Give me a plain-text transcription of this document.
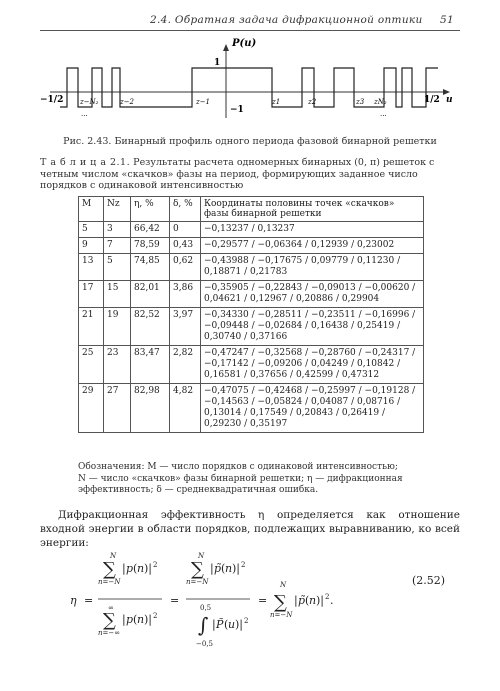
2.4. Обратная задача дифракционной оптики 51
P(u)
1
−1
−1/2	1/2 u
z−N₂
...
z−2	z−1	z1	z2	z3 zN₂
...
Рис. 2.43. Бинарный профиль одного периода фазовой бинарной решетки
Т а б л и ц а 2.1. Результаты расчета одномерных бинарных (0, π) решеток с четным числом «скачков» фазы на период, формирующих заданное число порядков с одинаковой интенсивностью
M	Nz	η, %	δ, %	Координаты половины точек «скачков» фазы бинарной решетки
5	3	66,42	0	−0,13237 / 0,13237
9	7	78,59	0,43	−0,29577 / −0,06364 / 0,12939 / 0,23002
13	5	74,85	0,62	−0,43988 / −0,17675 / 0,09779 / 0,11230 / 0,18871 / 0,21783
17	15	82,01	3,86	−0,35905 / −0,22843 / −0,09013 / −0,00620 / 0,04621 / 0,12967 / 0,20886 / 0,29904
21	19	82,52	3,97	−0,34330 / −0,28511 / −0,23511 / −0,16996 / −0,09448 / −0,02684 / 0,16438 / 0,25419 / 0,30740 / 0,37166
25	23	83,47	2,82	−0,47247 / −0,32568 / −0,28760 / −0,24317 / −0,17142 / −0,09206 / 0,04249 / 0,10842 / 0,16581 / 0,37656 / 0,42599 / 0,47312
29	27	82,98	4,82	−0,47075 / −0,42468 / −0,25997 / −0,19128 / −0,14563 / −0,05824 / 0,04087 / 0,08716 / 0,13014 / 0,17549 / 0,20843 / 0,26419 / 0,29230 / 0,35197
Обозначения: M — число порядков с одинаковой интенсивностью;
N — число «скачков» фазы бинарной решетки; η — дифракционная эффективность; δ — среднеквадратичная ошибка.
Дифракционная эффективность η определяется как отношение входной энергии в области порядков, подлежащих выравниванию, ко всей энергии:
η =
N
∑
n=−N
| p ( n )| 2
∞
∑
n=−∞
| p ( n )| 2
=
N
∑
n=−N
| p̃ ( n )| 2
0,5
∫
−0,5
| P̃ ( u )| 2
=
N
∑
n=−N
| p̃ ( n )| 2 .
(2.52)
